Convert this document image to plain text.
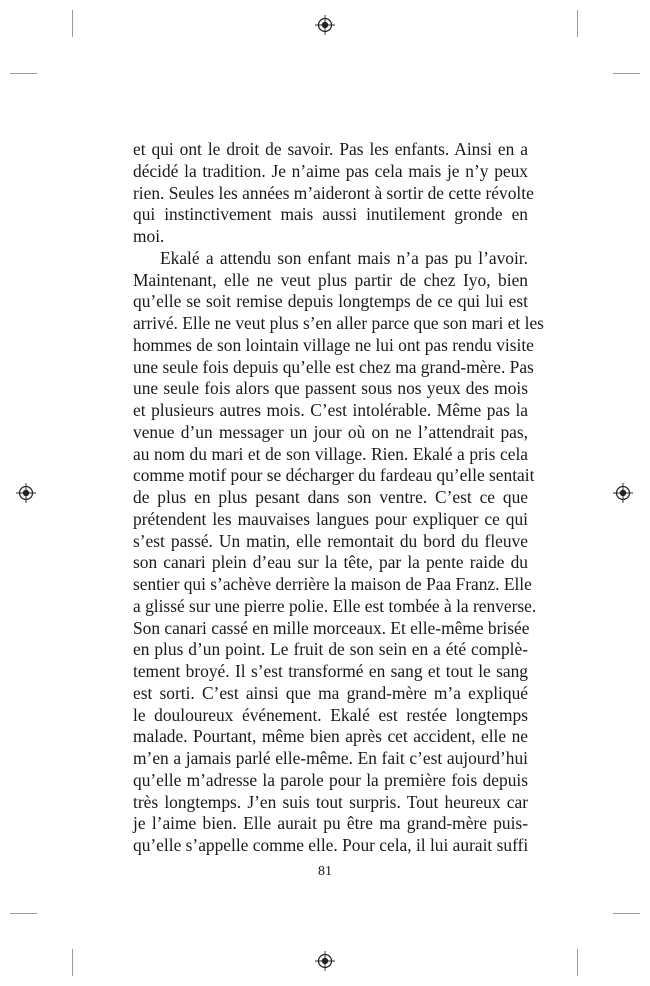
et qui ont le droit de savoir. Pas les enfants. Ainsi en a
décidé la tradition. Je n’aime pas cela mais je n’y peux
rien. Seules les années m’aideront à sortir de cette révolte
qui instinctivement mais aussi inutilement gronde en
moi.
Ekalé a attendu son enfant mais n’a pas pu l’avoir.
Maintenant, elle ne veut plus partir de chez Iyo, bien
qu’elle se soit remise depuis longtemps de ce qui lui est
arrivé. Elle ne veut plus s’en aller parce que son mari et les
hommes de son lointain village ne lui ont pas rendu visite
une seule fois depuis qu’elle est chez ma grand-mère. Pas
une seule fois alors que passent sous nos yeux des mois
et plusieurs autres mois. C’est intolérable. Même pas la
venue d’un messager un jour où on ne l’attendrait pas,
au nom du mari et de son village. Rien. Ekalé a pris cela
comme motif pour se décharger du fardeau qu’elle sentait
de plus en plus pesant dans son ventre. C’est ce que
prétendent les mauvaises langues pour expliquer ce qui
s’est passé. Un matin, elle remontait du bord du fleuve
son canari plein d’eau sur la tête, par la pente raide du
sentier qui s’achève derrière la maison de Paa Franz. Elle
a glissé sur une pierre polie. Elle est tombée à la renverse.
Son canari cassé en mille morceaux. Et elle-même brisée
en plus d’un point. Le fruit de son sein en a été complè-
tement broyé. Il s’est transformé en sang et tout le sang
est sorti. C’est ainsi que ma grand-mère m’a expliqué
le douloureux événement. Ekalé est restée longtemps
malade. Pourtant, même bien après cet accident, elle ne
m’en a jamais parlé elle-même. En fait c’est aujourd’hui
qu’elle m’adresse la parole pour la première fois depuis
très longtemps. J’en suis tout surpris. Tout heureux car
je l’aime bien. Elle aurait pu être ma grand-mère puis-
qu’elle s’appelle comme elle. Pour cela, il lui aurait suffi
81
